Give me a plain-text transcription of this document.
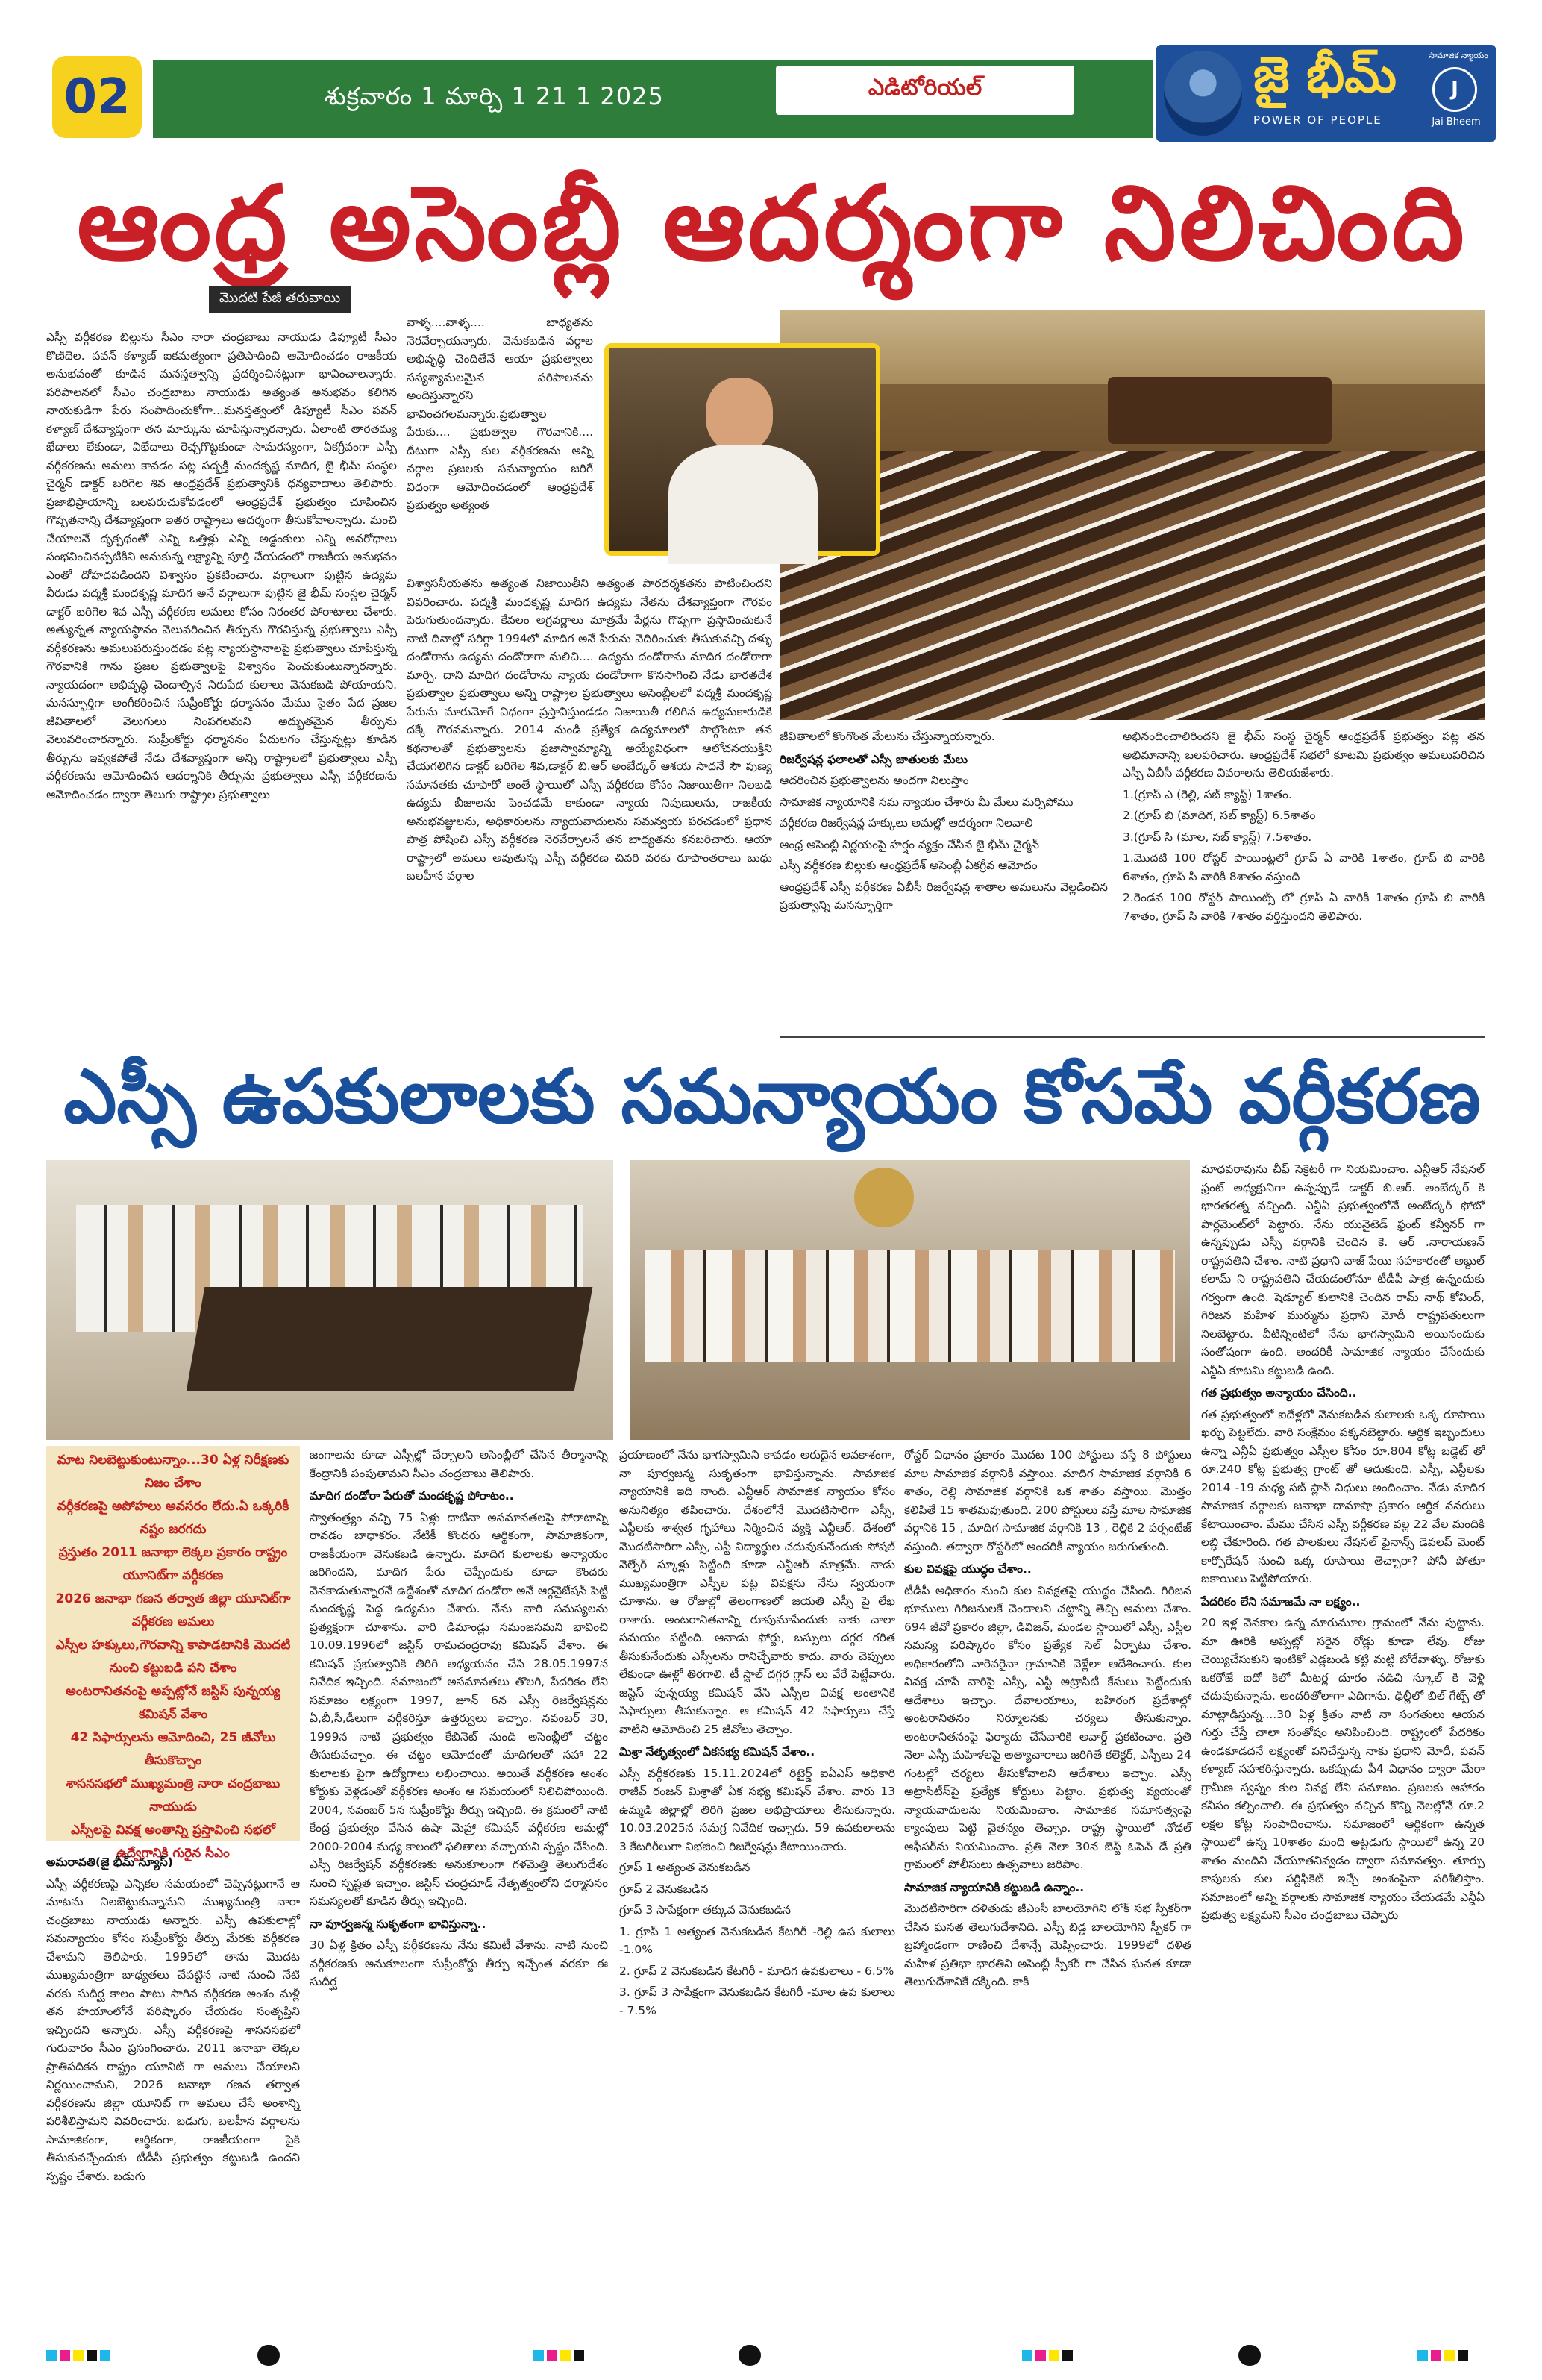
02	శుక్రవారం 1 మార్చి 1 21 1 2025	ఎడిటోరియల్	జై భీమ్	సామాజిక న్యాయం
J
Jai Bheem
POWER OF PEOPLE
ఆంధ్ర అసెంబ్లీ ఆదర్శంగా నిలిచింది
మొదటి పేజీ తరువాయి

ఎస్సీ వర్గీకరణ బిల్లును సీఎం నారా చంద్రబాబు నాయుడు డిప్యూటీ సీఎం కొణిదెల. పవన్ కళ్యాణ్ ఐకమత్యంగా ప్రతిపాదించి ఆమోదించడం రాజకీయ అనుభవంతో కూడిన మనస్తత్వాన్ని ప్రదర్శించినట్లుగా భావించాలన్నారు. పరిపాలనలో సీఎం చంద్రబాబు నాయుడు అత్యంత అనుభవం కలిగిన నాయకుడిగా పేరు సంపాదించుకోగా...మనస్తత్వంలో డిప్యూటీ సీఎం పవన్ కళ్యాణ్ దేశవ్యాప్తంగా తన మార్కును చూపిస్తున్నారన్నారు. ఏలాంటి తారతమ్య భేదాలు లేకుండా, విభేదాలు రెచ్చగొట్టకుండా సామరస్యంగా, ఏకగ్రీవంగా ఎస్సీ వర్గీకరణను అమలు కావడం పట్ల సద్భక్తి మందకృష్ణ మాదిగ, జై భీమ్ సంస్థల చైర్మన్ డాక్టర్ బరిగెల శివ ఆంధ్రప్రదేశ్ ప్రభుత్వానికి ధన్యవాదాలు తెలిపారు. ప్రజాభిప్రాయాన్ని బలపరుచుకోవడంలో ఆంధ్రప్రదేశ్ ప్రభుత్వం చూపించిన గొప్పతనాన్ని దేశవ్యాప్తంగా ఇతర రాష్ట్రాలు ఆదర్శంగా తీసుకోవాలన్నారు. మంచి చేయాలనే దృక్పథంతో ఎన్ని ఒత్తిళ్లు ఎన్ని అడ్డంకులు ఎన్ని అవరోధాలు సంభవించినప్పటికిని అనుకున్న లక్ష్యాన్ని పూర్తి చేయడంలో రాజకీయ అనుభవం ఎంతో దోహదపడిందని విశ్వాసం ప్రకటించారు. వర్గాలుగా పుట్టిన ఉద్యమ వీరుడు పద్మశ్రీ మందకృష్ణ మాదిగ అనే వర్గాలుగా పుట్టిన జై భీమ్ సంస్థల చైర్మన్ డాక్టర్ బరిగెల శివ ఎస్సీ వర్గీకరణ అమలు కోసం నిరంతర పోరాటాలు చేశారు. అత్యున్నత న్యాయస్థానం వెలువరించిన తీర్పును గౌరవిస్తున్న ప్రభుత్వాలు ఎస్సీ వర్గీకరణను అమలుపరుస్తుందడం పట్ల న్యాయస్థానాలపై ప్రభుత్వాలు చూపిస్తున్న గౌరవానికి గాను ప్రజల ప్రభుత్వాలపై విశ్వాసం పెంచుకుంటున్నారన్నారు. న్యాయదంగా అభివృద్ధి చెందాల్సిన నిరుపేద కులాలు వెనుకబడి పోయాయని. మనస్ఫూర్తిగా అంగీకరించిన సుప్రీంకోర్టు ధర్మాసనం మేము సైతం పేద ప్రజల జీవితాలలో వెలుగులు నింపగలమని అద్భుతమైన తీర్పును వెలువరించారన్నారు. సుప్రీంకోర్టు ధర్మాసనం ఏదులగం చేస్తున్నట్లు కూడిన తీర్పును ఇవ్వకపోతే నేడు దేశవ్యాప్తంగా అన్ని రాష్ట్రాలలో ప్రభుత్వాలు ఎస్సీ వర్గీకరణను ఆమోదించిన ఆదర్శానికి తీర్పును ప్రభుత్వాలు ఎస్సీ వర్గీకరణను ఆమోదించడం ద్వారా తెలుగు రాష్ట్రాల ప్రభుత్వాలు

వాళ్ళ....వాళ్ళ.... బాధ్యతను నెరవేర్చాయన్నారు. వెనుకబడిన వర్గాల అభివృద్ధి చెందితేనే ఆయా ప్రభుత్వాలు సస్యశ్యామలమైన పరిపాలనను అందిస్తున్నారని భావించగలమన్నారు.ప్రభుత్వాల పేరుకు.... ప్రభుత్వాల గౌరవానికి.... దీటుగా ఎస్సీ కుల వర్గీకరణను అన్ని వర్గాల ప్రజలకు సమన్యాయం జరిగే విధంగా ఆమోదించడంలో ఆంధ్రప్రదేశ్ ప్రభుత్వం అత్యంత

విశ్వాసనీయతను అత్యంత నిజాయితీని అత్యంత పారదర్శకతను పాటించిందని వివరించారు. పద్మశ్రీ మందకృష్ణ మాదిగ ఉద్యమ నేతను దేశవ్యాప్తంగా గౌరవం పెరుగుతుందన్నారు. కేవలం అగ్రవర్ణాలు మాత్రమే పేర్లను గొప్పగా ప్రస్తావించుకునే నాటి దినాల్లో సరిగ్గా 1994లో మాదిగ అనే పేరును వెదిరించుకు తీసుకువచ్చి దళ్ళు దండోరాను ఉద్యమ దండోరాగా మలిచి.... ఉద్యమ దండోరాను మాదిగ దండోరాగా మార్చి. దాని మాదిగ దండోరాను న్యాయ దండోరాగా కొనసాగించి నేడు భారతదేశ ప్రభుత్వాల ప్రభుత్వాలు అన్ని రాష్ట్రాల ప్రభుత్వాలు అసెంబ్లీలలో పద్మశ్రీ మందకృష్ణ పేరును మారుమోగే విధంగా ప్రస్తావిస్తుండడం నిజాయితీ గలిగిన ఉద్యమకారుడికి దక్కే గౌరవమన్నారు. 2014 నుండి ప్రత్యేక ఉద్యమాలలో పాల్గొంటూ తన కథనాలతో ప్రభుత్వాలను ప్రజాస్వామ్యాన్ని అయ్యేవిధంగా ఆలోచనయుక్తిని చేయగలిగిన డాక్టర్ బరిగెల శివ,డాక్టర్ బి.ఆర్ అంబేద్కర్ ఆశయ సాధనే సౌ పుణ్య సమానతకు చూపారో అంతే స్థాయిలో ఎస్సీ వర్గీకరణ కోసం నిజాయితీగా నిలబడి ఉద్యమ బీజాలను పెంచడమే కాకుండా న్యాయ నిపుణులను, రాజకీయ అనుభవజ్ఞులను, అధికారులను న్యాయవాదులను సమన్వయ పరచడంలో ప్రధాన పాత్ర పోషించి ఎస్సీ వర్గీకరణ నెరవేర్చాలనే తన బాధ్యతను కనబరిచారు. ఆయా రాష్ట్రాలో అమలు అవుతున్న ఎస్సీ వర్గీకరణ చివరి వరకు రూపాంతరాలు బుధు బలహీన వర్గాల

జీవితాలలో కొంగొంత మేలును చేస్తున్నాయన్నారు.

రిజర్వేషన్ల ఫలాలతో ఎస్సీ జాతులకు మేలు

ఆదరించిన ప్రభుత్వాలను అందగా నిలుస్తాం

సామాజిక న్యాయానికి సమ న్యాయం చేశారు మీ మేలు మర్చిపోము

వర్గీకరణ రిజర్వేషన్ల హక్కులు అమల్లో ఆదర్శంగా నిలవాలి

ఆంధ్ర అసెంబ్లీ నిర్ణయంపై హర్షం వ్యక్తం చేసిన జై భీమ్ చైర్మన్

ఎస్సీ వర్గీకరణ బిల్లుకు ఆంధ్రప్రదేశ్ అసెంబ్లీ ఏకగ్రీవ ఆమోదం

ఆంధ్రప్రదేశ్ ఎస్సీ వర్గీకరణ ఏబీసీ రిజర్వేషన్ల శాతాల అమలును వెల్లడించిన ప్రభుత్వాన్ని మనస్ఫూర్తిగా

అభినందించాలిరిందని జై భీమ్ సంస్థ చైర్మన్ ఆంధ్రప్రదేశ్ ప్రభుత్వం పట్ల తన అభిమానాన్ని బలపరిచారు. ఆంధ్రప్రదేశ్ సభలో కూటమి ప్రభుత్వం అమలుపరిచిన ఎస్సీ ఏబీసీ వర్గీకరణ వివరాలను తెలియజేశారు.

1.(గ్రూప్ ఎ (రెల్లి, సబ్ క్యాస్ట్) 1శాతం.

2.(గ్రూప్ బి (మాదిగ, సబ్ క్యాస్ట్) 6.5శాతం

3.(గ్రూప్ సి (మాల, సబ్ క్యాస్ట్) 7.5శాతం.

1.మొదటి 100 రోస్టర్ పాయింట్లలో గ్రూప్ ఏ వారికి 1శాతం, గ్రూప్ బి వారికి 6శాతం, గ్రూప్ సి వారికి 8శాతం వస్తుంది

2.రెండవ 100 రోస్టర్ పాయింట్స్ లో గ్రూప్ ఏ వారికి 1శాతం గ్రూప్ బి వారికి 7శాతం, గ్రూప్ సి వారికి 7శాతం వర్తిస్తుందని తెలిపారు.

ఎస్సీ ఉపకులాలకు సమన్యాయం కోసమే వర్గీకరణ
మాట నిలబెట్టుకుంటున్నాం...30 ఏళ్ల నిరీక్షణకు నిజం చేశాం
వర్గీకరణపై అపోహలు అవసరం లేదు.ఏ ఒక్కరికీ నష్టం జరగదు
ప్రస్తుతం 2011 జనాభా లెక్కల ప్రకారం రాష్ట్రం యూనిట్‌గా వర్గీకరణ
2026 జనాభా గణన తర్వాత జిల్లా యూనిట్‌గా వర్గీకరణ అమలు
ఎస్సీల హక్కులు,గౌరవాన్ని కాపాడటానికి మొదటి నుంచి కట్టుబడి పని చేశాం
అంటరానితనంపై అప్పట్లోనే జస్టిస్ పున్నయ్య కమిషన్ వేశాం
42 సిఫార్సులను ఆమోదించి, 25 జీవోలు తీసుకొచ్చాం
శాసనసభలో ముఖ్యమంత్రి నారా చంద్రబాబు నాయుడు
ఎస్సీలపై వివక్ష అంతాన్ని ప్రస్తావించి సభలో ఉద్వేగానికి గురైన సీఎం

అమరావతి(జై భీమ్ న్యూస్)

ఎస్సీ వర్గీకరణపై ఎన్నికల సమయంలో చెప్పినట్లుగానే ఆ మాటను నిలబెట్టుకున్నామని ముఖ్యమంత్రి నారా చంద్రబాబు నాయుడు అన్నారు. ఎస్సీ ఉపకులాల్లో సమన్యాయం కోసం సుప్రీంకోర్టు తీర్పు మేరకు వర్గీకరణ చేశామని తెలిపారు. 1995లో తాను మొదట ముఖ్యమంత్రిగా బాధ్యతలు చేపట్టిన నాటి నుంచి నేటి వరకు సుదీర్ఘ కాలం పాటు సాగిన వర్గీకరణ అంశం మళ్లీ తన హయాంలోనే పరిష్కారం చేయడం సంతృప్తిని ఇచ్చిందని అన్నారు. ఎస్సీ వర్గీకరణపై శాసనసభలో గురువారం సీఎం ప్రసంగించారు. 2011 జనాభా లెక్కల ప్రాతిపదికన రాష్ట్రం యూనిట్ గా అమలు చేయాలని నిర్ణయించామని, 2026 జనాభా గణన తర్వాత వర్గీకరణను జిల్లా యూనిట్ గా అమలు చేసే అంశాన్ని పరిశీలిస్తామని వివరించారు. బడుగు, బలహీన వర్గాలను సామాజికంగా, ఆర్థికంగా, రాజకీయంగా పైకి తీసుకువచ్చేందుకు టీడీపీ ప్రభుత్వం కట్టుబడి ఉందని స్పష్టం చేశారు. బడుగు

జంగాలను కూడా ఎస్సీల్లో చేర్చాలని అసెంబ్లీలో చేసిన తీర్మానాన్ని కేంద్రానికి పంపుతామని సీఎం చంద్రబాబు తెలిపారు.

మాదిగ దండోరా పేరుతో మందకృష్ణ పోరాటం..

స్వాతంత్ర్యం వచ్చి 75 ఏళ్లు దాటినా అసమానతలపై పోరాటాన్ని రావడం బాధాకరం. నేటికీ కొందరు ఆర్థికంగా, సామాజికంగా, రాజకీయంగా వెనుకబడి ఉన్నారు. మాదిగ కులాలకు అన్యాయం జరిగిందని, మాదిగ పేరు చెప్పేందుకు కూడా కొందరు వెనకాడుతున్నారనే ఉద్దేశంతో మాదిగ దండోరా అనే ఆర్గనైజేషన్ పెట్టి మందకృష్ణ పెద్ద ఉద్యమం చేశారు. నేను వారి సమస్యలను ప్రత్యక్షంగా చూశాను. వారి డిమాండ్లు సమంజసమని భావించి 10.09.1996లో జస్టిస్ రామచంద్రరావు కమిషన్ వేశాం. ఈ కమిషన్ ప్రభుత్వానికి తిరిగి అధ్యయనం చేసి 28.05.1997న నివేదిక ఇచ్చింది. సమాజంలో అసమానతలు తొలగి, పేదరికం లేని సమాజం లక్ష్యంగా 1997, జూన్ 6న ఎస్సీ రిజర్వేషన్లను ఏ,బీ,సీ,డీలుగా వర్గీకరిస్తూ ఉత్తర్వులు ఇచ్చాం. నవంబర్ 30, 1999న నాటి ప్రభుత్వం కేబినెట్ నుండి అసెంబ్లీలో చట్టం తీసుకువచ్చాం. ఈ చట్టం ఆమోదంతో మాదిగలతో సహా 22 కులాలకు పైగా ఉద్యోగాలు లభించాయి. అయితే వర్గీకరణ అంశం కోర్టుకు వెళ్లడంతో వర్గీకరణ అంశం ఆ సమయంలో నిలిచిపోయింది. 2004, నవంబర్ 5న సుప్రీంకోర్టు తీర్పు ఇచ్చింది. ఈ క్రమంలో నాటి కేంద్ర ప్రభుత్వం వేసిన ఉషా మెహ్రా కమిషన్ వర్గీకరణ అమల్లో 2000-2004 మధ్య కాలంలో ఫలితాలు వచ్చాయని స్పష్టం చేసింది. ఎస్సీ రిజర్వేషన్ వర్గీకరణకు అనుకూలంగా గళమెత్తి తెలుగుదేశం నుంచి స్పష్టత ఇచ్చాం. జస్టిస్ చంద్రచూడ్ నేతృత్వంలోని ధర్మాసనం సమస్యలతో కూడిన తీర్పు ఇచ్చింది.

నా పూర్వజన్మ సుకృతంగా భావిస్తున్నా..

30 ఏళ్ల క్రితం ఎస్సీ వర్గీకరణను నేను కమిటీ వేశాను. నాటి నుంచి వర్గీకరణకు అనుకూలంగా సుప్రీంకోర్టు తీర్పు ఇచ్చేంత వరకూ ఈ సుదీర్ఘ

ప్రయాణంలో నేను భాగస్వామిని కావడం అరుదైన అవకాశంగా, నా పూర్వజన్మ సుకృతంగా భావిస్తున్నాను. సామాజిక న్యాయానికి ఇది నాంది. ఎన్టీఆర్ సామాజిక న్యాయం కోసం అనునిత్యం తపించారు. దేశంలోనే మొదటిసారిగా ఎస్సీ, ఎస్టీలకు శాశ్వత గృహాలు నిర్మించిన వ్యక్తి ఎన్టీఆర్. దేశంలో మొదటిసారిగా ఎస్సీ, ఎస్టీ విద్యార్థుల చదువుకునేందుకు సోషల్ వెల్ఫేర్ స్కూళ్లు పెట్టింది కూడా ఎన్టీఆర్ మాత్రమే. నాడు ముఖ్యమంత్రిగా ఎస్సీల పట్ల వివక్షను నేను స్వయంగా చూశాను. ఆ రోజుల్లో తెలంగాణలో జయతి ఎస్సీ పై లేఖ రాశారు. అంటరానితనాన్ని రూపుమాపేందుకు నాకు చాలా సమయం పట్టింది. ఆనాడు ఫోర్టు, బస్సులు దగ్గర గరిత తీసుకునేందుకు ఎస్సీలను రానిచ్చేవారు కాదు. వారు చెప్పులు లేకుండా ఊళ్లో తిరగాలి. టీ స్టాల్ దగ్గర గ్లాస్ లు వేరే పెట్టేవారు. జస్టిస్ పున్నయ్య కమిషన్ వేసి ఎస్సీల వివక్ష అంతానికి సిఫార్సులు తీసుకున్నాం. ఆ కమిషన్ 42 సిఫార్సులు చేస్తే వాటిని ఆమోదించి 25 జీవోలు తెచ్చాం.

మిశ్రా నేతృత్వంలో ఏకసభ్య కమిషన్ వేశాం..

ఎస్సీ వర్గీకరణకు 15.11.2024లో రిటైర్డ్ ఐఏఎస్ అధికారి రాజీవ్ రంజన్ మిశ్రాతో ఏక సభ్య కమిషన్ వేశాం. వారు 13 ఉమ్మడి జిల్లాల్లో తిరిగి ప్రజల అభిప్రాయాలు తీసుకున్నారు. 10.03.2025న సమగ్ర నివేదిక ఇచ్చారు. 59 ఉపకులాలను 3 కేటగిరీలుగా విభజించి రిజర్వేషన్లు కేటాయించారు.

గ్రూప్ 1 అత్యంత వెనుకబడిన

గ్రూప్ 2 వెనుకబడిన

గ్రూప్ 3 సాపేక్షంగా తక్కువ వెనుకబడిన

1. గ్రూప్ 1 అత్యంత వెనుకబడిన కేటగిరీ -రెల్లి ఉప కులాలు -1.0%

2. గ్రూప్ 2 వెనుకబడిన కేటగిరీ - మాదిగ ఉపకులాలు - 6.5%

3. గ్రూప్ 3 సాపేక్షంగా వెనుకబడిన కేటగిరీ -మాల ఉప కులాలు - 7.5%

రోస్టర్ విధానం ప్రకారం మొదట 100 పోస్టులు వస్తే 8 పోస్టులు మాల సామాజిక వర్గానికి వస్తాయి. మాదిగ సామాజిక వర్గానికి 6 శాతం, రెల్లి సామాజిక వర్గానికి ఒక శాతం వస్తాయి. మొత్తం కలిపితే 15 శాతమవుతుంది. 200 పోస్టులు వస్తే మాల సామాజిక వర్గానికి 15 , మాదిగ సామాజిక వర్గానికి 13 , రెల్లికి 2 పర్సంటేజ్ వస్తుంది. తద్వారా రోస్టర్‌లో అందరికీ న్యాయం జరుగుతుంది.

కుల వివక్షపై యుద్ధం చేశాం..

టీడీపీ అధికారం నుంచి కుల వివక్షతపై యుద్ధం చేసింది. గిరిజన భూములు గిరిజనులకే చెందాలని చట్టాన్ని తెచ్చి అమలు చేశాం. 694 జీవో ప్రకారం జిల్లా, డివిజన్, మండల స్థాయిలో ఎస్సీ, ఎస్టీల సమస్య పరిష్కారం కోసం ప్రత్యేక సెల్ ఏర్పాటు చేశాం. అధికారంలోని వారెవరైనా గ్రామానికి వెళ్లేలా ఆదేశించారు. కుల వివక్ష చూపే వారిపై ఎస్సీ, ఎస్టీ అట్రాసిటీ కేసులు పెట్టేందుకు ఆదేశాలు ఇచ్చాం. దేవాలయాలు, బహిరంగ ప్రదేశాల్లో అంటరానితనం నిర్మూలనకు చర్యలు తీసుకున్నాం. అంటరానితనంపై ఫిర్యాదు చేసేవారికి అవార్డ్ ప్రకటించాం. ప్రతి నెలా ఎస్సీ మహిళలపై అత్యాచారాలు జరిగితే కలెక్టర్, ఎస్పీలు 24 గంటల్లో చర్యలు తీసుకోవాలని ఆదేశాలు ఇచ్చాం. ఎస్సీ అట్రాసిటీస్‌పై ప్రత్యేక కోర్టులు పెట్టాం. ప్రభుత్వ వ్యయంతో న్యాయవాదులను నియమించాం. సామాజిక సమానత్వంపై క్యాంపులు పెట్టి చైతన్యం తెచ్చాం. రాష్ట్ర స్థాయిలో నోడల్ ఆఫీసర్‌ను నియమించాం. ప్రతి నెలా 30న బెస్ట్ ఓపెన్ డే ప్రతి గ్రామంలో పోలీసులు ఉత్సవాలు జరిపాం.

సామాజిక న్యాయానికి కట్టుబడి ఉన్నాం..

మొదటిసారిగా దళితుడు జీఎంసీ బాలయోగిని లోక్ సభ స్పీకర్‌గా చేసిన ఘనత తెలుగుదేశానిది. ఎస్సీ బిడ్డ బాలయోగిని స్పీకర్ గా బ్రహ్మాండంగా రాణించి దేశాన్నే మెప్పించారు. 1999లో దళిత మహిళ ప్రతిభా భారతిని అసెంబ్లీ స్పీకర్ గా చేసిన ఘనత కూడా తెలుగుదేశానికే దక్కింది. కాకి

మాధవరావును చీఫ్ సెక్రెటరీ గా నియమించాం. ఎన్టీఆర్ నేషనల్ ఫ్రంట్ అధ్యక్షునిగా ఉన్నప్పుడే డాక్టర్ బి.ఆర్. అంబేద్కర్ కి భారతరత్న వచ్చింది. ఎన్డీఏ ప్రభుత్వంలోనే అంబేద్కర్ ఫోటో పార్లమెంట్‌లో పెట్టారు. నేను యునైటెడ్ ఫ్రంట్ కన్వీనర్ గా ఉన్నప్పుడు ఎస్సీ వర్గానికి చెందిన కె. ఆర్ .నారాయణన్ రాష్ట్రపతిని చేశాం. నాటి ప్రధాని వాజ్ పేయి సహకారంతో అబ్దుల్ కలామ్ ని రాష్ట్రపతిని చేయడంలోనూ టీడీపీ పాత్ర ఉన్నందుకు గర్వంగా ఉంది. షెడ్యూల్ కులానికి చెందిన రామ్ నాథ్ కోవింద్, గిరిజన మహిళ ముర్మును ప్రధాని మోదీ రాష్ట్రపతులుగా నిలబెట్టారు. వీటిన్నింటిలో నేను భాగస్వామిని అయినందుకు సంతోషంగా ఉంది. అందరికీ సామాజిక న్యాయం చేసేందుకు ఎన్డీఏ కూటమి కట్టుబడి ఉంది.

గత ప్రభుత్వం అన్యాయం చేసింది..

గత ప్రభుత్వంలో ఐదేళ్లలో వెనుకబడిన కులాలకు ఒక్క రూపాయి ఖర్చు పెట్టలేదు. వారి సంక్షేమం పక్కనబెట్టారు. ఆర్థిక ఇబ్బందులు ఉన్నా ఎన్డీఏ ప్రభుత్వం ఎస్సీల కోసం రూ.804 కోట్ల బడ్జెట్ తో రూ.240 కోట్ల ప్రభుత్వ గ్రాంట్ తో ఆదుకుంది. ఎస్సీ, ఎస్టీలకు 2014 -19 మధ్య సబ్ ప్లాన్ నిధులు అందించాం. నేడు మాదిగ సామాజిక వర్గాలకు జనాభా దామాషా ప్రకారం ఆర్థిక వనరులు కేటాయించాం. మేము చేసిన ఎస్సీ వర్గీకరణ వల్ల 22 వేల మందికి లబ్ధి చేకూరింది. గత పాలకులు నేషనల్ ఫైనాన్స్ డెవలప్ మెంట్ కార్పొరేషన్ నుంచి ఒక్క రూపాయి తెచ్చారా? పోనీ పోతూ బకాయిలు పెట్టిపోయారు.

పేదరికం లేని సమాజమే నా లక్ష్యం..

20 ఇళ్ల వెనకాల ఉన్న మారుమూల గ్రామంలో నేను పుట్టాను. మా ఊరికి అప్పట్లో సరైన రోడ్లు కూడా లేవు. రోజు చెయ్యిచేసుకుని ఇంటికో ఎడ్లబండి కట్టి మట్టి బోరేవాళ్ళు. రోజుకు ఒకరోజే ఐదో కిలో మీటర్ల దూరం నడిచి స్కూల్ కి వెళ్లి చదువుకున్నాను. అందరితోలాగా ఎదిగాను. ఢిల్లీలో బిల్ గేట్స్ తో మాట్లాడిస్తున్న....30 ఏళ్ల క్రితం నాటి నా సంగతులు ఆయన గుర్తు చేస్తే చాలా సంతోషం అనిపించింది. రాష్ట్రంలో పేదరికం ఉండకూడదనే లక్ష్యంతో పనిచేస్తున్న నాకు ప్రధాని మోదీ, పవన్ కళ్యాణ్ సహకరిస్తున్నారు. ఒకప్పుడు పీ4 విధానం ద్వారా మేరా గ్రామీణ స్వప్నం కుల వివక్ష లేని సమాజం. ప్రజలకు ఆహారం కనీసం కల్పించాలి. ఈ ప్రభుత్వం వచ్చిన కొన్ని నెలల్లోనే రూ.2 లక్షల కోట్ల సంపాదించాను. సమాజంలో ఆర్థికంగా ఉన్నత స్థాయిలో ఉన్న 10శాతం మంది అట్టడుగు స్థాయిలో ఉన్న 20 శాతం మందిని చేయూతనివ్వడం ద్వారా సమానత్వం. తూర్పు కాపులకు కుల సర్టిఫికెట్ ఇచ్చే అంశంపైనా పరిశీలిస్తాం. సమాజంలో అన్ని వర్గాలకు సామాజిక న్యాయం చేయడమే ఎన్డీఏ ప్రభుత్వ లక్ష్యమని సీఎం చంద్రబాబు చెప్పారు
